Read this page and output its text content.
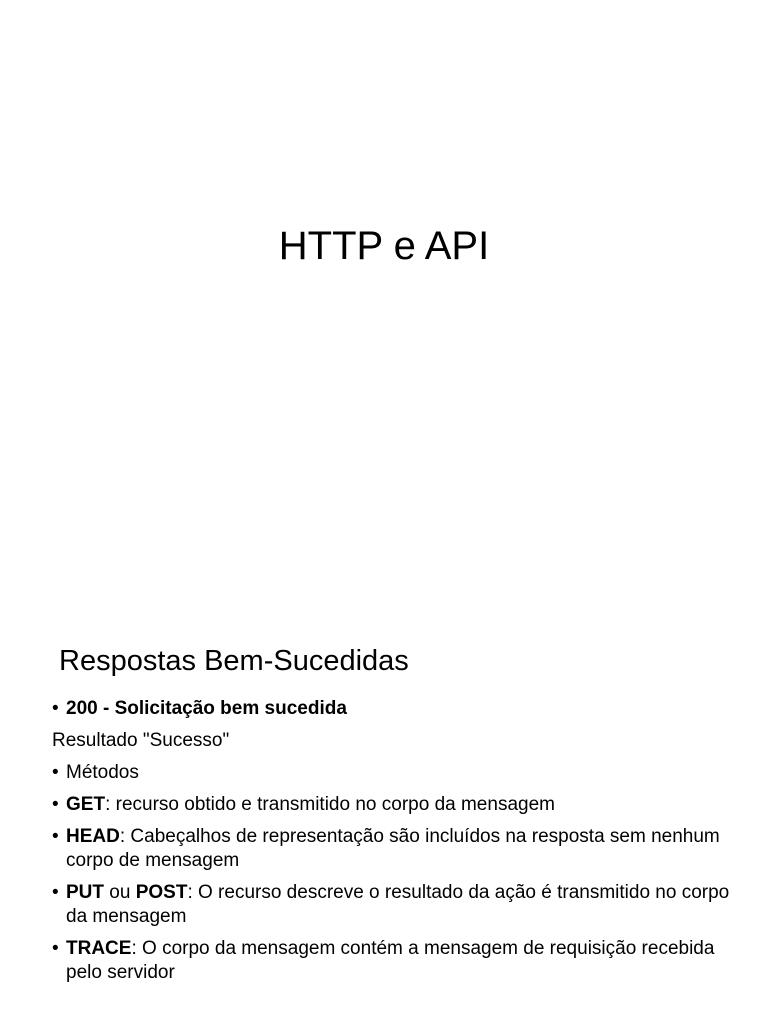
HTTP e API
Respostas Bem-Sucedidas
• 200 - Solicitação bem sucedida
Resultado "Sucesso"
• Métodos
• GET: recurso obtido e transmitido no corpo da mensagem
• HEAD: Cabeçalhos de representação são incluídos na resposta sem nenhum corpo de mensagem
• PUT ou POST: O recurso descreve o resultado da ação é transmitido no corpo da mensagem
• TRACE: O corpo da mensagem contém a mensagem de requisição recebida pelo servidor
